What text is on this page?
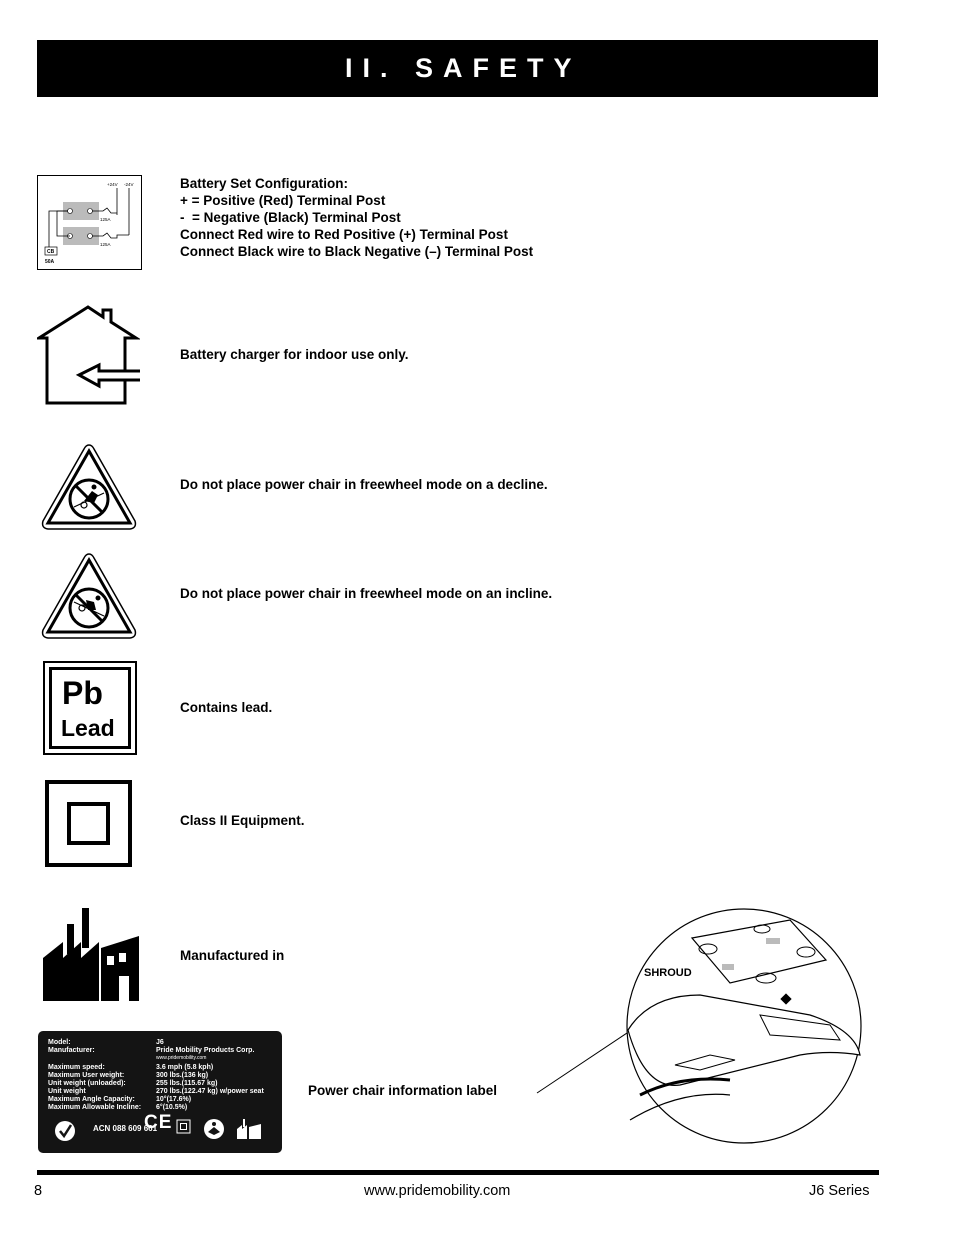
II. SAFETY
+24V -24V
125A
125A
CB
50A
Battery Set Configuration:
+ = Positive (Red) Terminal Post
-  = Negative (Black) Terminal Post
Connect Red wire to Red Positive (+) Terminal Post
Connect Black wire to Black Negative (–) Terminal Post
Battery charger for indoor use only.
Do not place power chair in freewheel mode on a decline.
Do not place power chair in freewheel mode on an incline.
Pb
Lead
Contains lead.
Class II Equipment.
Manufactured in
Model:	J6
Manufacturer:	Pride Mobility Products Corp.
www.pridemobility.com

Maximum speed:	3.6 mph (5.8 kph)
Maximum User weight:	300 lbs.(136 kg)
Unit weight (unloaded):	255 lbs.(115.67 kg)
Unit weight	270 lbs.(122.47 kg) w/power seat
Maximum Angle Capacity:	10°(17.6%)
Maximum Allowable Incline:	6°(10.5%)
ACN 088 609 661
CE
Power chair information label
SHROUD
8	www.pridemobility.com	J6 Series
